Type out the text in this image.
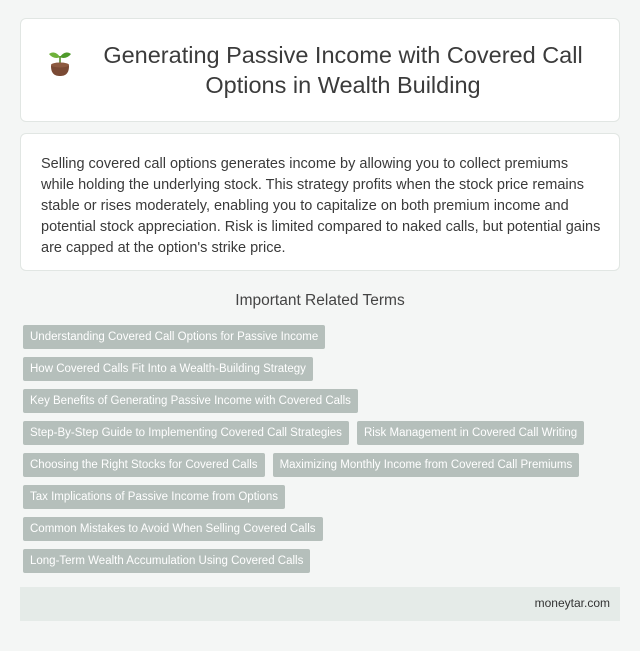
Generating Passive Income with Covered Call Options in Wealth Building

Selling covered call options generates income by allowing you to collect premiums while holding the underlying stock. This strategy profits when the stock price remains stable or rises moderately, enabling you to capitalize on both premium income and potential stock appreciation. Risk is limited compared to naked calls, but potential gains are capped at the option's strike price.

Important Related Terms
Understanding Covered Call Options for Passive Income
How Covered Calls Fit Into a Wealth-Building Strategy
Key Benefits of Generating Passive Income with Covered Calls
Step-By-Step Guide to Implementing Covered Call Strategies	Risk Management in Covered Call Writing
Choosing the Right Stocks for Covered Calls	Maximizing Monthly Income from Covered Call Premiums
Tax Implications of Passive Income from Options
Common Mistakes to Avoid When Selling Covered Calls
Long-Term Wealth Accumulation Using Covered Calls
moneytar.com
